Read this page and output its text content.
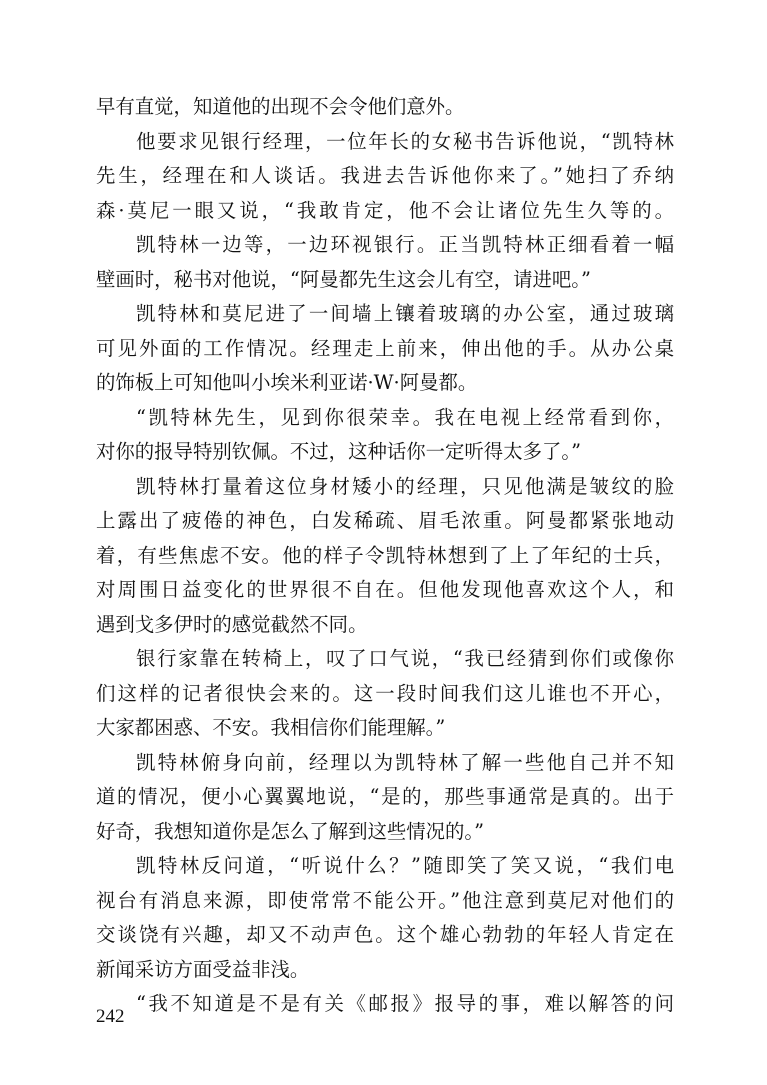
早有直觉，知道他的出现不会令他们意外。
他要求见银行经理，一位年长的女秘书告诉他说，“凯特林
先生，经理在和人谈话。我进去告诉他你来了。”她扫了乔纳
森·莫尼一眼又说，“我敢肯定，他不会让诸位先生久等的。
凯特林一边等，一边环视银行。正当凯特林正细看着一幅
壁画时，秘书对他说，“阿曼都先生这会儿有空，请进吧。”
凯特林和莫尼进了一间墙上镶着玻璃的办公室，通过玻璃
可见外面的工作情况。经理走上前来，伸出他的手。从办公桌
的饰板上可知他叫小埃米利亚诺·W·阿曼都。
“凯特林先生，见到你很荣幸。我在电视上经常看到你，
对你的报导特别钦佩。不过，这种话你一定听得太多了。”
凯特林打量着这位身材矮小的经理，只见他满是皱纹的脸
上露出了疲倦的神色，白发稀疏、眉毛浓重。阿曼都紧张地动
着，有些焦虑不安。他的样子令凯特林想到了上了年纪的士兵，
对周围日益变化的世界很不自在。但他发现他喜欢这个人，和
遇到戈多伊时的感觉截然不同。
银行家靠在转椅上，叹了口气说，“我已经猜到你们或像你
们这样的记者很快会来的。这一段时间我们这儿谁也不开心，
大家都困惑、不安。我相信你们能理解。”
凯特林俯身向前，经理以为凯特林了解一些他自己并不知
道的情况，便小心翼翼地说，“是的，那些事通常是真的。出于
好奇，我想知道你是怎么了解到这些情况的。”
凯特林反问道，“听说什么？”随即笑了笑又说，“我们电
视台有消息来源，即使常常不能公开。”他注意到莫尼对他们的
交谈饶有兴趣，却又不动声色。这个雄心勃勃的年轻人肯定在
新闻采访方面受益非浅。
“我不知道是不是有关《邮报》报导的事，难以解答的问
242
